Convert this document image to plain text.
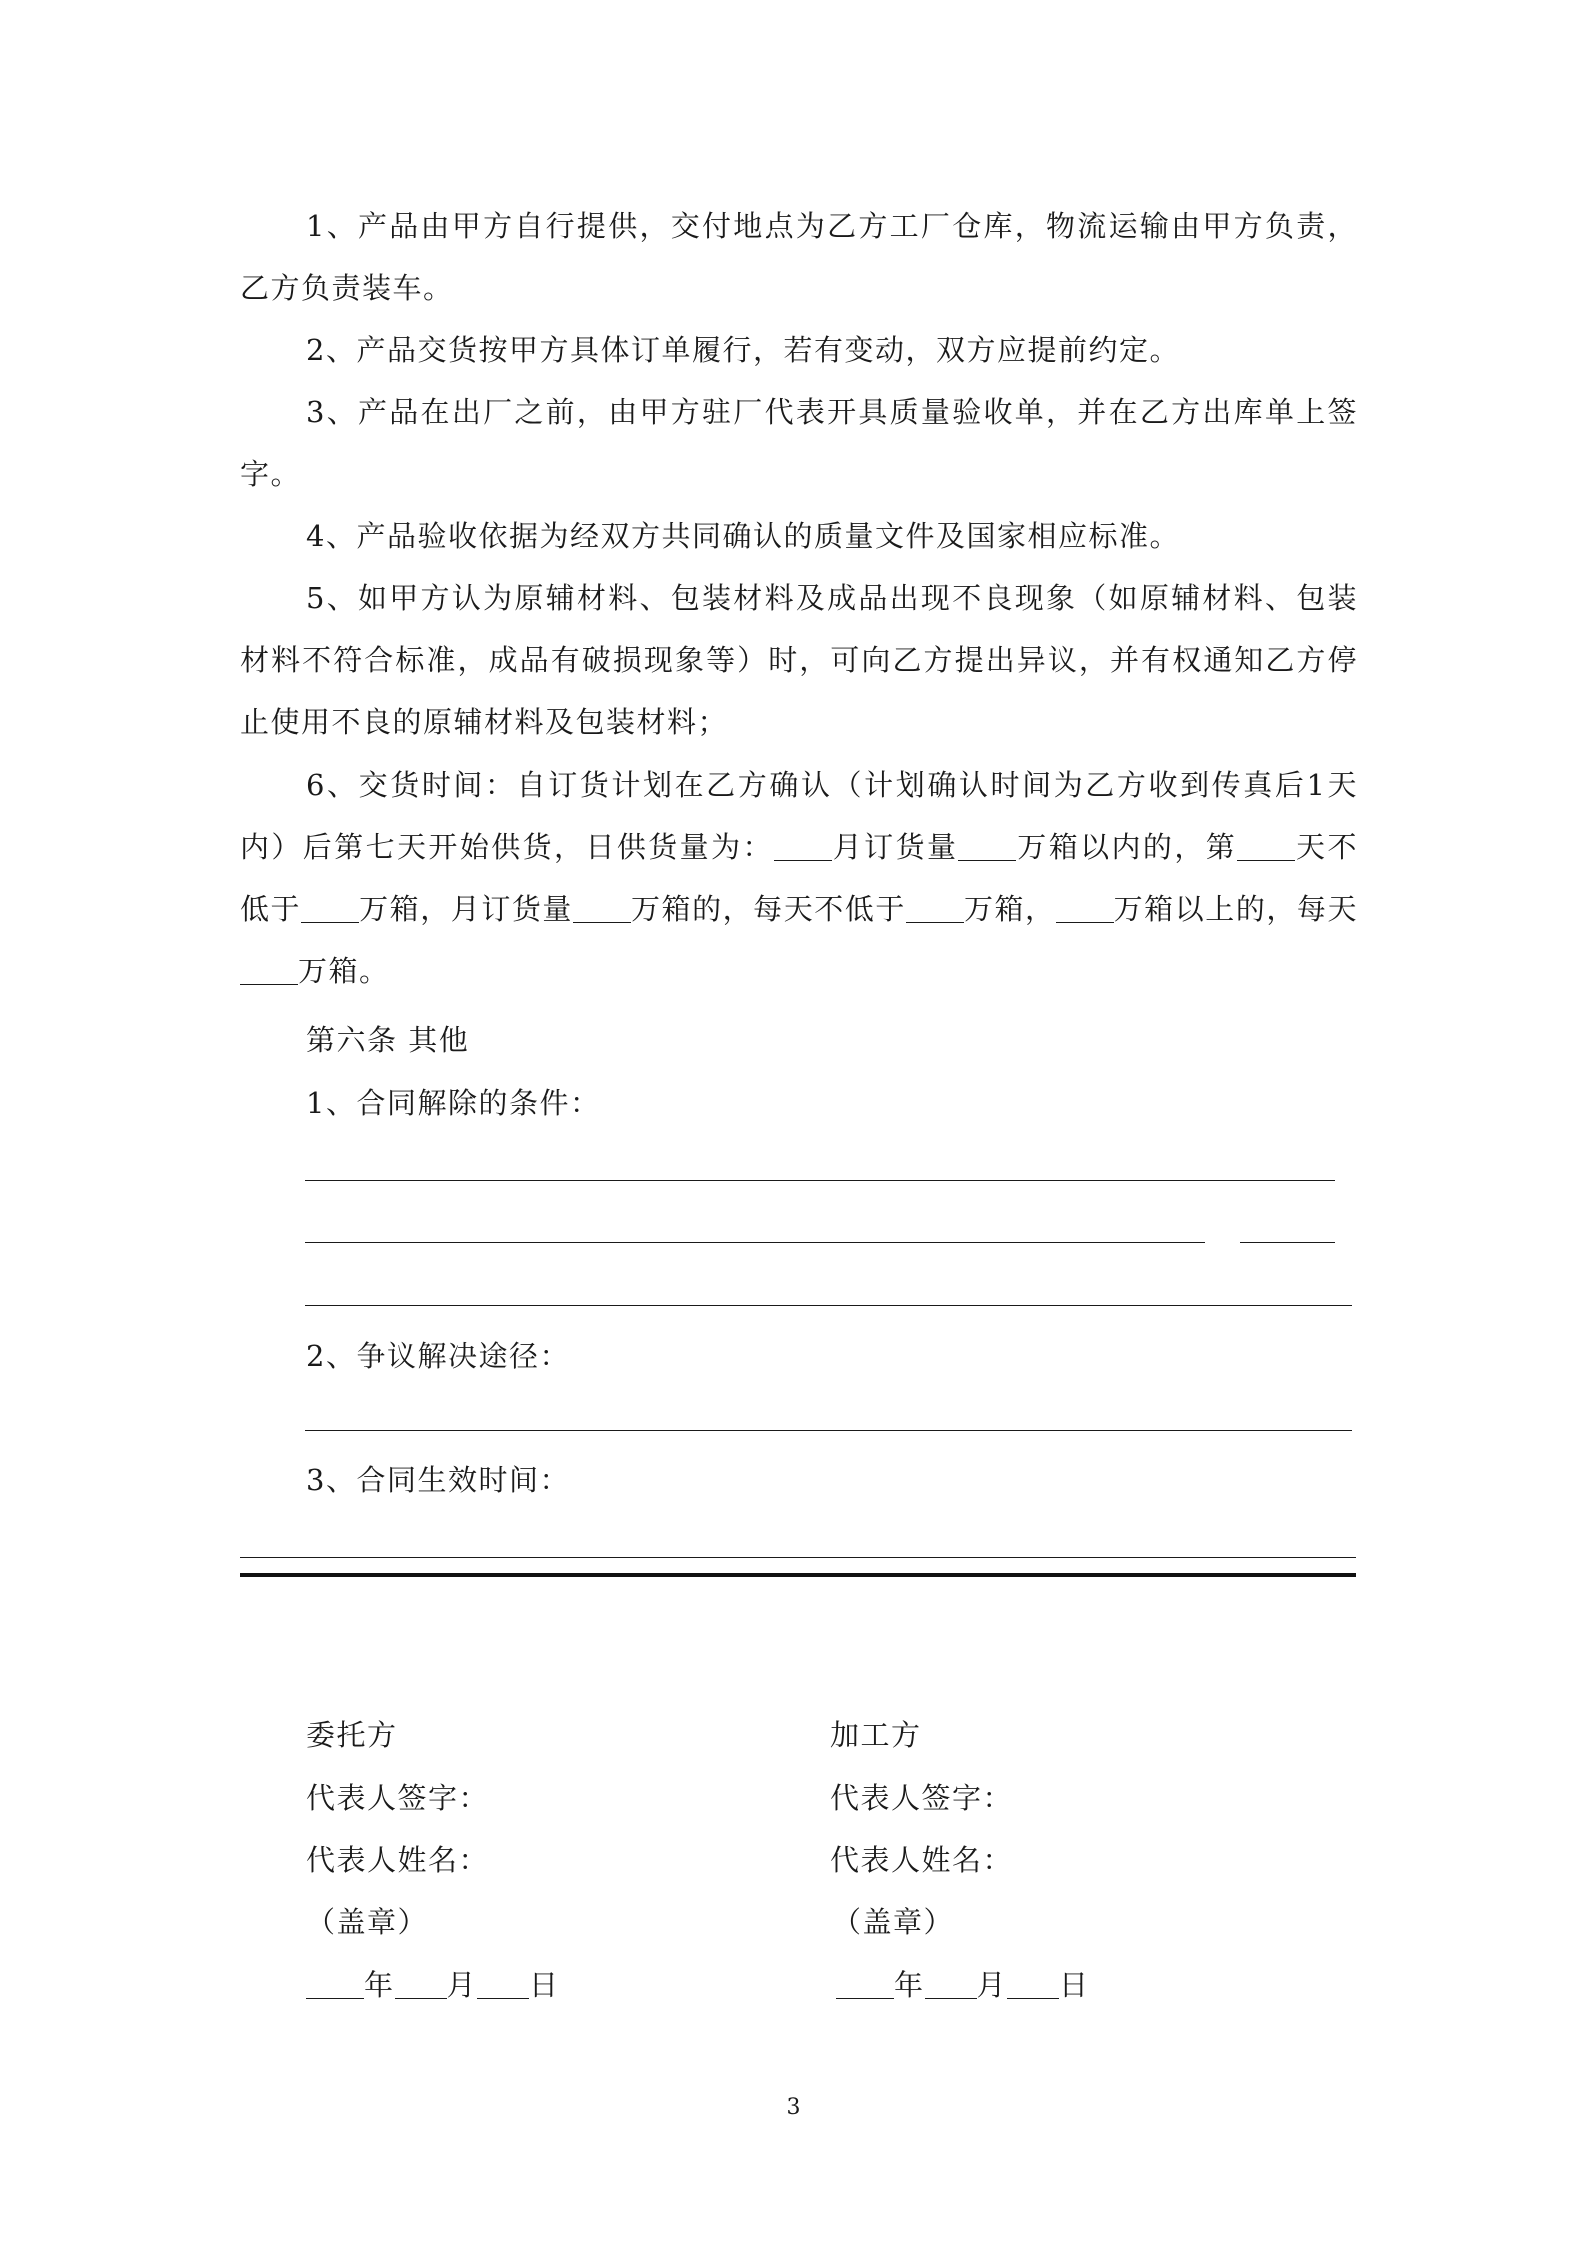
1、产品由甲方自行提供，交付地点为乙方工厂仓库，物流运输由甲方负责，乙方负责装车。

2、产品交货按甲方具体订单履行，若有变动，双方应提前约定。

3、产品在出厂之前，由甲方驻厂代表开具质量验收单，并在乙方出库单上签字。

4、产品验收依据为经双方共同确认的质量文件及国家相应标准。

5、如甲方认为原辅材料、包装材料及成品出现不良现象（如原辅材料、包装材料不符合标准，成品有破损现象等）时，可向乙方提出异议，并有权通知乙方停止使用不良的原辅材料及包装材料；

6、交货时间：自订货计划在乙方确认（计划确认时间为乙方收到传真后1天内）后第七天开始供货，日供货量为： 月订货量 万箱以内的，第 天不低于 万箱，月订货量 万箱的，每天不低于 万箱， 万箱以上的，每天万箱。

第六条 其他
1、合同解除的条件：
2、争议解决途径：
3、合同生效时间：
委托方
代表人签字：
代表人姓名：
（盖章）
年 月 日
加工方
代表人签字：
代表人姓名：
（盖章）
年 月 日
3
